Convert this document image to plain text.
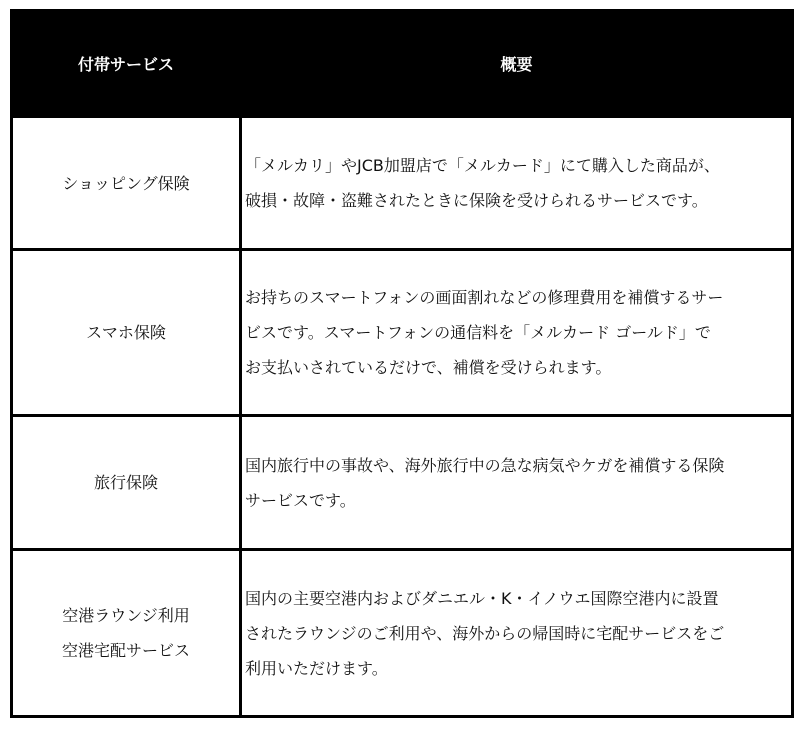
付帯サービス	概要

ショッピング保険	「メルカリ」やJCB加盟店で「メルカード」にて購入した商品が、
破損・故障・盗難されたときに保険を受けられるサービスです。

スマホ保険	お持ちのスマートフォンの画面割れなどの修理費用を補償するサー
ビスです。スマートフォンの通信料を「メルカード ゴールド」で
お支払いされているだけで、補償を受けられます。

旅行保険	国内旅行中の事故や、海外旅行中の急な病気やケガを補償する保険
サービスです。

空港ラウンジ利用
空港宅配サービス	国内の主要空港内およびダニエル・K・イノウエ国際空港内に設置
されたラウンジのご利用や、海外からの帰国時に宅配サービスをご
利用いただけます。
